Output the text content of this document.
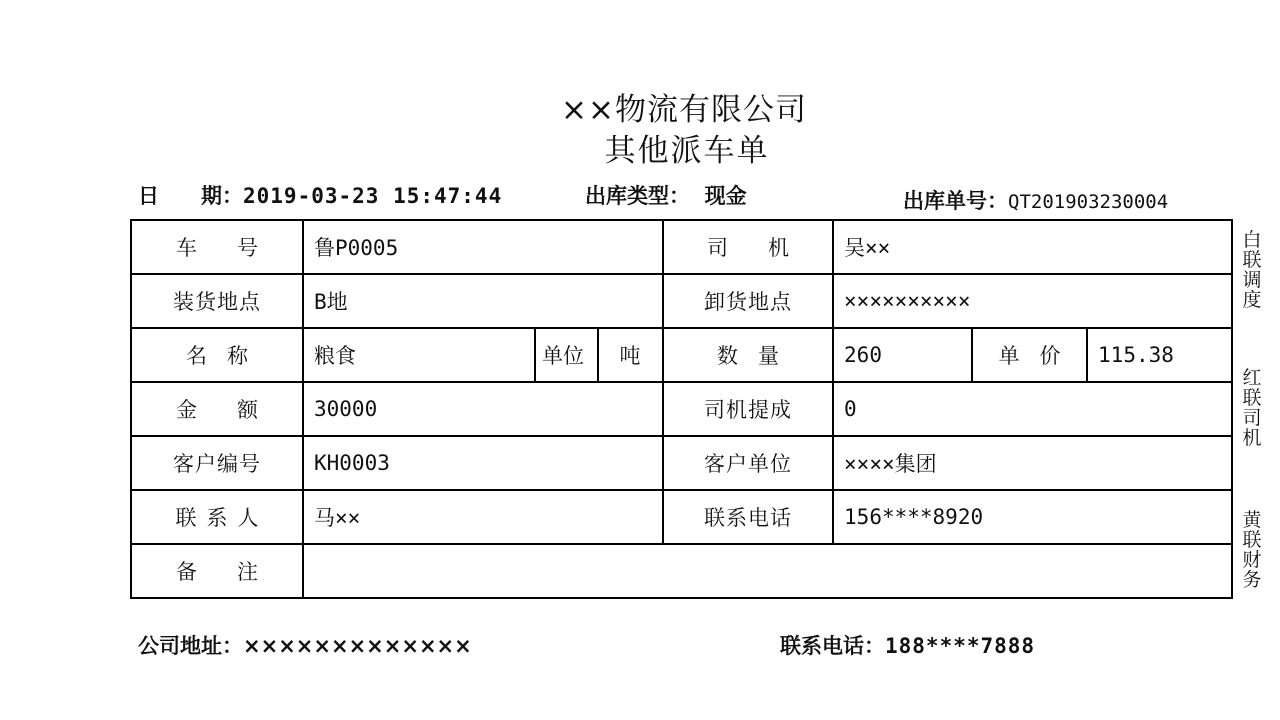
××物流有限公司
其他派车单
日　　期：2019-03-23 15:47:44	出库类型： 现金	出库单号：QT201903230004
车号	鲁P0005			司机	吴××		
装货地点	B地			卸货地点	××××××××××		
名称	粮食	单位	吨	数量	260	单价	115.38
金额	30000			司机提成	0		
客户编号	KH0003			客户单位	××××集团		
联系人	马××			联系电话	156****8920		
备注							
白联调度
红联司机
黄联财务
公司地址：×××××××××××××	联系电话：188****7888
